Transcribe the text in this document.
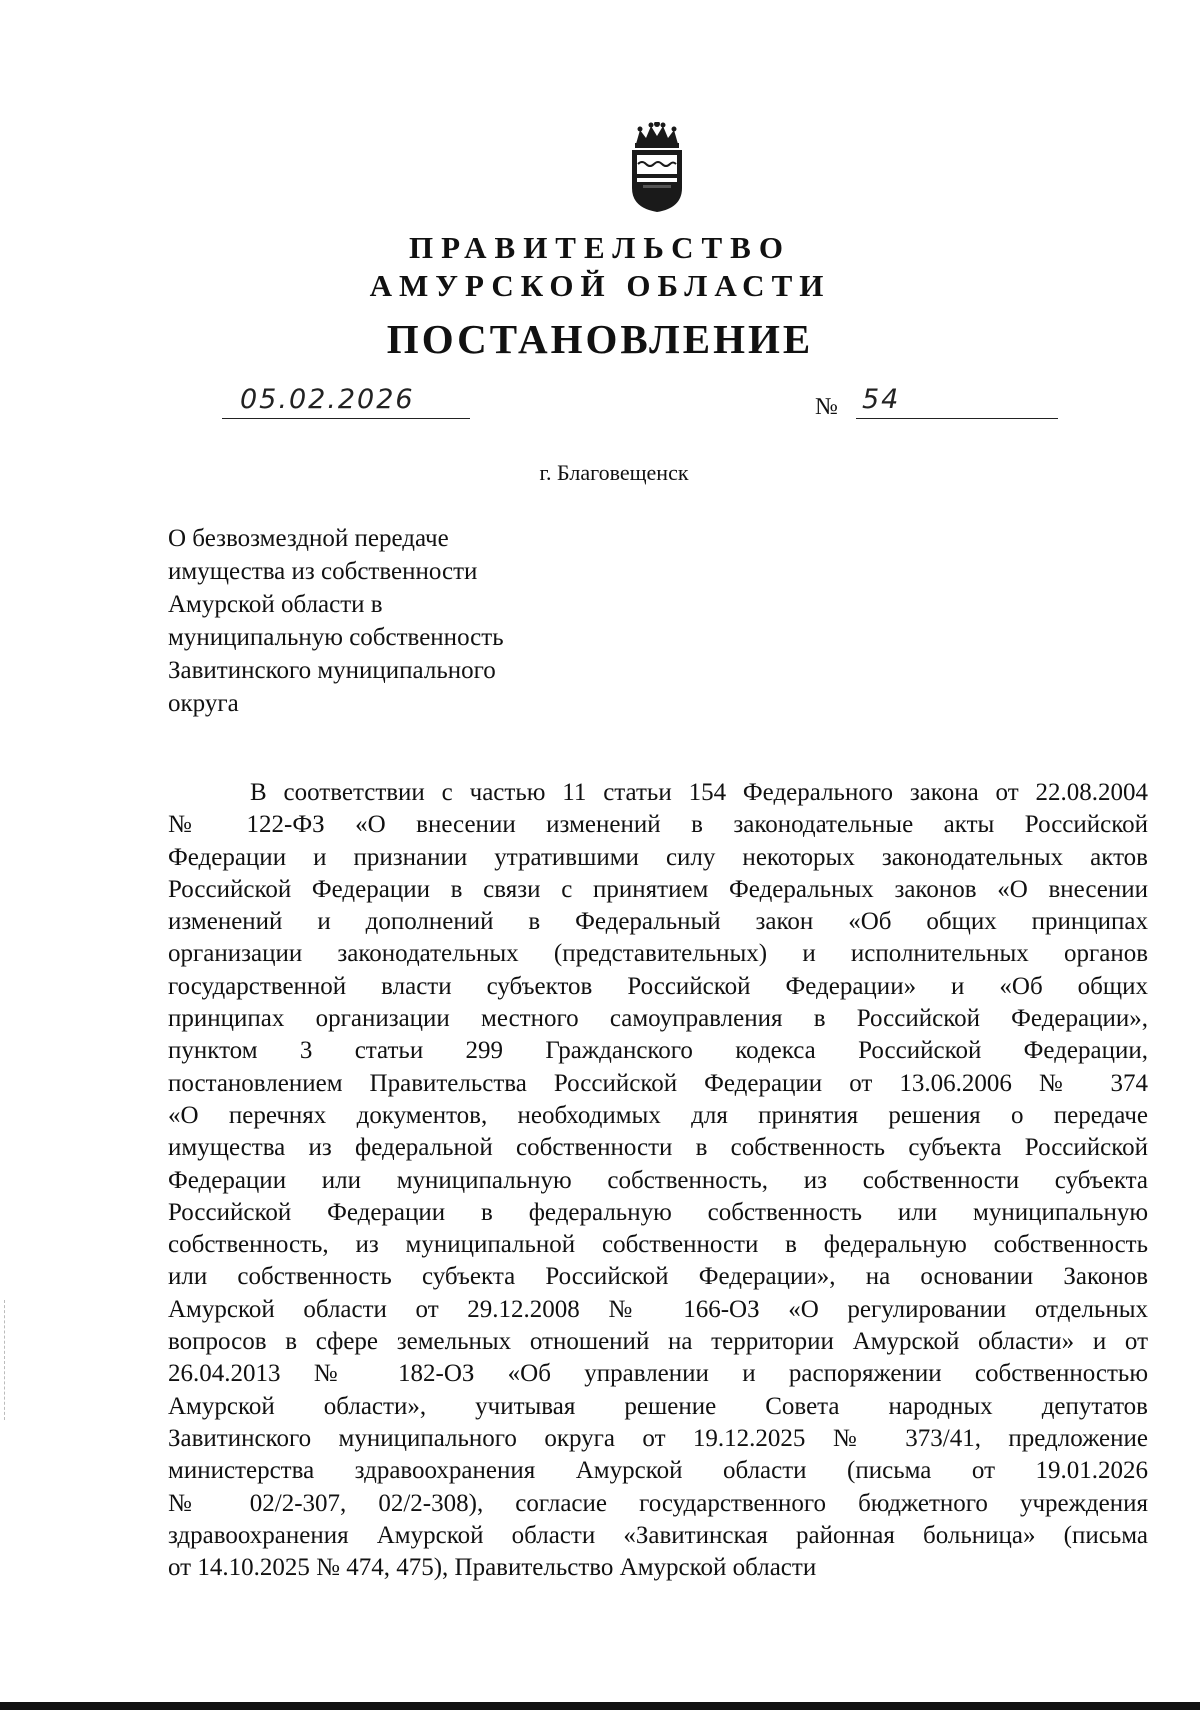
ПРАВИТЕЛЬСТВО
АМУРСКОЙ ОБЛАСТИ
ПОСТАНОВЛЕНИЕ
05.02.2026	№ 54
г. Благовещенск
О безвозмездной передаче
имущества из собственности
Амурской области в
муниципальную собственность
Завитинского муниципального
округа
В соответствии с частью 11 статьи 154 Федерального закона от 22.08.2004
№ 122-ФЗ «О внесении изменений в законодательные акты Российской
Федерации и признании утратившими силу некоторых законодательных актов
Российской Федерации в связи с принятием Федеральных законов «О внесении
изменений и дополнений в Федеральный закон «Об общих принципах
организации законодательных (представительных) и исполнительных органов
государственной власти субъектов Российской Федерации» и «Об общих
принципах организации местного самоуправления в Российской Федерации»,
пунктом 3 статьи 299 Гражданского кодекса Российской Федерации,
постановлением Правительства Российской Федерации от 13.06.2006 № 374
«О перечнях документов, необходимых для принятия решения о передаче
имущества из федеральной собственности в собственность субъекта Российской
Федерации или муниципальную собственность, из собственности субъекта
Российской Федерации в федеральную собственность или муниципальную
собственность, из муниципальной собственности в федеральную собственность
или собственность субъекта Российской Федерации», на основании Законов
Амурской области от 29.12.2008 № 166-ОЗ «О регулировании отдельных
вопросов в сфере земельных отношений на территории Амурской области» и от
26.04.2013 № 182-ОЗ «Об управлении и распоряжении собственностью
Амурской области», учитывая решение Совета народных депутатов
Завитинского муниципального округа от 19.12.2025 № 373/41, предложение
министерства здравоохранения Амурской области (письма от 19.01.2026
№ 02/2-307, 02/2-308), согласие государственного бюджетного учреждения
здравоохранения Амурской области «Завитинская районная больница» (письма
от 14.10.2025 № 474, 475), Правительство Амурской области
